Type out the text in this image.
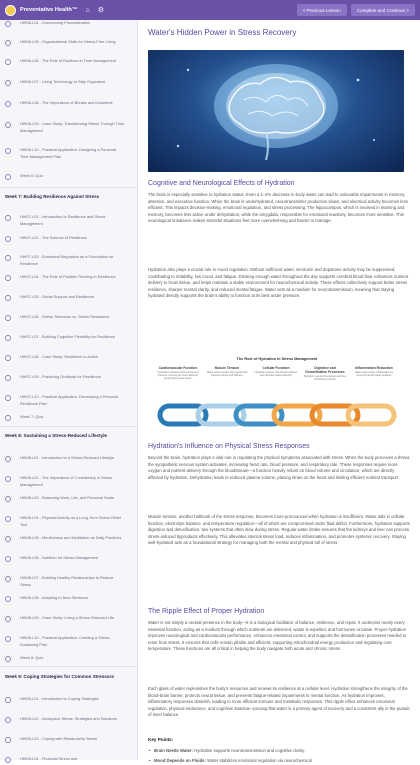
Preventative Health™ ⌂ ⚙	< Previous Lesson	Complete and Continue >
HW06-L04 - Overcoming Procrastination
HW06-L05 - Organizational Skills for Stress-Free Living
HW06-L06 - The Role of Routines in Time Management
HW06-L07 - Using Technology to Stay Organized
HW06-L08 - The Importance of Breaks and Downtime
HW06-L09 - Case Study: Transforming Stress Through Time Management
HW06-L10 - Practical Application: Designing a Personal Time Management Plan
Week 6: Quiz
Week 7: Building Resilience Against Stress
HW07-L01 - Introduction to Resilience and Stress Management
HW07-L02 - The Science of Resilience
HW07-L03 - Emotional Regulation as a Foundation for Resilience
HW07-L04 - The Role of Positive Thinking in Resilience
HW07-L05 - Social Support and Resilience
HW07-L06 - Stress Tolerance vs. Stress Resistance
HW07-L07 - Building Cognitive Flexibility for Resilience
HW07-L08 - Case Study: Resilience in Action
HW07-L09 - Practicing Gratitude for Resilience
HW07-L10 - Practical Application: Developing a Personal Resilience Plan
Week 7: Quiz
Week 8: Sustaining a Stress-Reduced Lifestyle
HW08-L01 - Introduction to a Stress-Reduced Lifestyle
HW08-L02 - The Importance of Consistency in Stress Management
HW08-L03 - Balancing Work, Life, and Personal Goals
HW08-L04 - Physical Activity as a Long-Term Stress Relief Tool
HW08-L05 - Mindfulness and Meditation as Daily Practices
HW08-L06 - Nutrition for Stress Management
HW08-L07 - Building Healthy Relationships to Reduce Stress
HW08-L08 - Adapting to New Stressors
HW08-L09 - Case Study: Living a Stress-Reduced Life
HW08-L10 - Practical Application: Creating a Stress-Sustaining Plan
Week 8: Quiz
Week 9: Coping Strategies for Common Stressors
HW09-L01 - Introduction to Coping Strategies
HW09-L02 - Workplace Stress: Strategies and Solutions
HW09-L03 - Coping with Relationship Stress
HW09-L04 - Financial Stress and
Water's Hidden Power in Stress Recovery
Cognitive and Neurological Effects of Hydration
The brain is especially sensitive to hydration status. Even a 1–2% decrease in body water can lead to noticeable impairments in memory, attention, and executive function. When the brain is underhydrated, neurotransmitter production slows, and electrical activity becomes less efficient. This impacts decision-making, emotional regulation, and stress processing. The hippocampus, which is involved in learning and memory, becomes less active under dehydration, while the amygdala, responsible for emotional reactivity, becomes more sensitive. This neurological imbalance makes stressful situations feel more overwhelming and harder to manage.
Hydration also plays a crucial role in mood regulation. Without sufficient water, serotonin and dopamine activity may be suppressed, contributing to irritability, low mood, and fatigue. Drinking enough water throughout the day supports cerebral blood flow, enhances nutrient delivery to brain tissue, and helps maintain a stable environment for neurochemical activity. These effects collectively support better stress resilience, sharper mental clarity, and reduced mental fatigue. Water acts as a medium for neurotransmission, meaning that staying hydrated directly supports the brain's ability to function at its best under pressure.
The Role of Hydration in Stress Management
Cardiovascular Function
Hydration maintains blood volume and pressure, ensuring the heart efficiently pumps blood under stress.
Muscle Tension
Water helps muscles stay relaxed and prevents cramps and stiffness.
Cellular Function
Hydration ensures cells absorb nutrients and eliminate waste efficiently.
Digestive and Detoxification Processes
Hydration supports the kidneys and liver in flushing out toxins.
Inflammation Reduction
Water helps reduce inflammation by removing harmful waste products.
Hydration's Influence on Physical Stress Responses
Beyond the brain, hydration plays a vital role in regulating the physical symptoms associated with stress. When the body perceives a threat, the sympathetic nervous system activates, increasing heart rate, blood pressure, and respiratory rate. These responses require more oxygen and nutrient delivery through the bloodstream—a function heavily reliant on blood volume and circulation, which are directly affected by hydration. Dehydration leads to reduced plasma volume, placing strain on the heart and limiting efficient nutrient transport.
Muscle tension, another hallmark of the stress response, becomes more pronounced when hydration is insufficient. Water aids in cellular function, electrolyte balance, and temperature regulation—all of which are compromised under fluid deficit. Furthermore, hydration supports digestion and detoxification, two systems that often slow during stress. Regular water intake ensures that the kidneys and liver can process stress-induced byproducts effectively. This alleviates internal stress load, reduces inflammation, and promotes systemic recovery. Staying well-hydrated acts as a foundational strategy for managing both the mental and physical toll of stress.
The Ripple Effect of Proper Hydration
Water is not simply a neutral presence in the body—it is a biological facilitator of balance, resilience, and repair. It underpins nearly every essential function, acting as a medium through which nutrients are delivered, waste is expelled, and hormones circulate. Proper hydration improves neurological and cardiovascular performance, enhances emotional control, and supports the detoxification processes needed to reset from stress. It ensures that cells remain pliable and efficient, supporting mitochondrial energy production and regulating core temperature. These functions are all critical in helping the body navigate both acute and chronic stress.
Each glass of water replenishes the body's resources and renews its resilience at a cellular level. Hydration strengthens the integrity of the blood-brain barrier, protects neural tissue, and prevents fatigue-related impairments in mental function. As hydration improves, inflammatory responses diminish, leading to more efficient immune and metabolic responses. This ripple effect enhances emotional regulation, physical endurance, and cognitive stamina—proving that water is a primary agent of recovery and a consistent ally in the pursuit of inner balance.
Key Points:
• Brain Needs Water: Hydration supports neurotransmission and cognitive clarity.
• Mood Depends on Fluids: Water stabilizes emotional regulation via neurochemical
